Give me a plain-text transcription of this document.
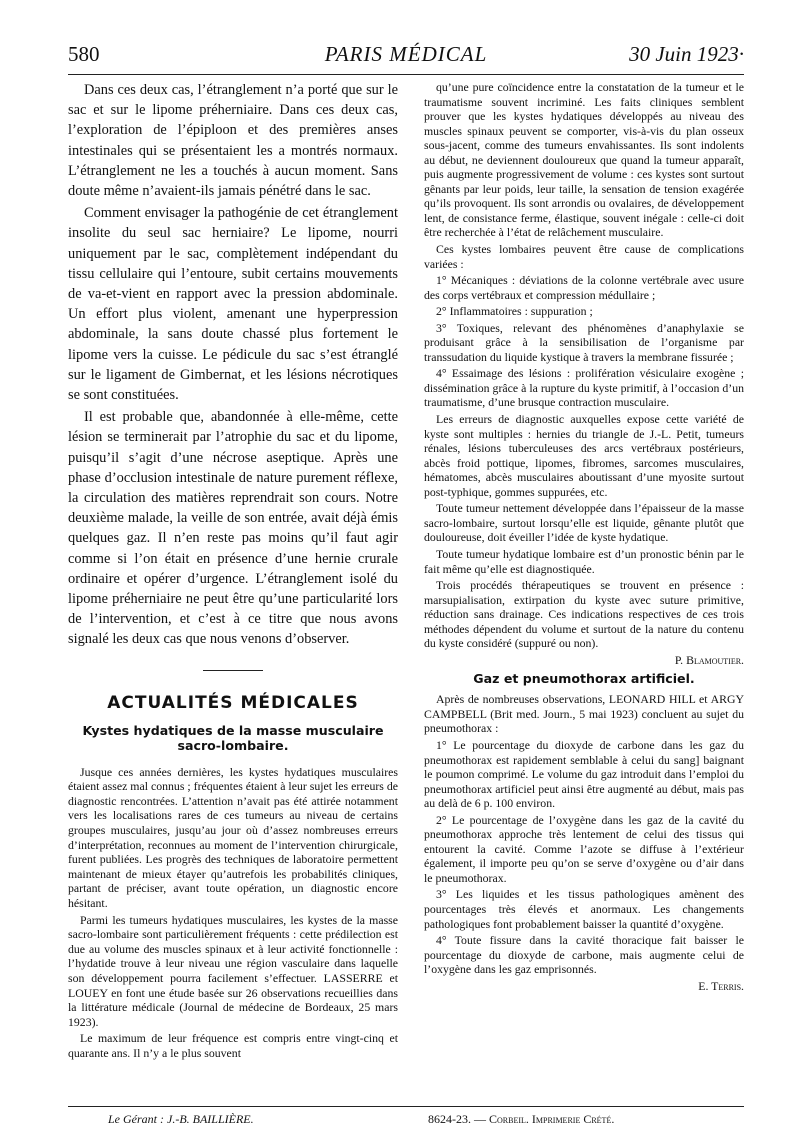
580	PARIS MÉDICAL	30 Juin 1923·

Dans ces deux cas, l’étranglement n’a porté que sur le sac et sur le lipome préherniaire. Dans ces deux cas, l’exploration de l’épiploon et des premières anses intestinales qui se présentaient les a montrés normaux. L’étranglement ne les a touchés à aucun moment. Sans doute même n’avaient-ils jamais pénétré dans le sac.

Comment envisager la pathogénie de cet étranglement insolite du seul sac herniaire? Le lipome, nourri uniquement par le sac, complètement indépendant du tissu cellulaire qui l’entoure, subit certains mouvements de va-et-vient en rapport avec la pression abdominale. Un effort plus violent, amenant une hyperpression abdominale, la sans doute chassé plus fortement le lipome vers la cuisse. Le pédicule du sac s’est étranglé sur le ligament de Gimbernat, et les lésions nécrotiques se sont constituées.

Il est probable que, abandonnée à elle-même, cette lésion se terminerait par l’atrophie du sac et du lipome, puisqu’il s’agit d’une nécrose aseptique. Après une phase d’occlusion intestinale de nature purement réflexe, la circulation des matières reprendrait son cours. Notre deuxième malade, la veille de son entrée, avait déjà émis quelques gaz. Il n’en reste pas moins qu’il faut agir comme si l’on était en présence d’une hernie crurale ordinaire et opérer d’urgence. L’étranglement isolé du lipome préherniaire ne peut être qu’une particularité lors de l’intervention, et c’est à ce titre que nous avons signalé les deux cas que nous venons d’observer.

ACTUALITÉS MÉDICALES
Kystes hydatiques de la masse musculaire sacro-lombaire.

Jusque ces années dernières, les kystes hydatiques musculaires étaient assez mal connus ; fréquentes étaient à leur sujet les erreurs de diagnostic rencontrées. L’attention n’avait pas été attirée notamment vers les localisations rares de ces tumeurs au niveau de certains groupes musculaires, jusqu’au jour où d’assez nombreuses erreurs d’interprétation, reconnues au moment de l’intervention chirurgicale, furent publiées. Les progrès des techniques de laboratoire permettent maintenant de mieux étayer qu’autrefois les probabilités cliniques, partant de préciser, avant toute opération, un diagnostic encore hésitant.

Parmi les tumeurs hydatiques musculaires, les kystes de la masse sacro-lombaire sont particulièrement fréquents : cette prédilection est due au volume des muscles spinaux et à leur activité fonctionnelle : l’hydatide trouve à leur niveau une région vasculaire dans laquelle son développement pourra facilement s’effectuer. LASSERRE et LOUEY en font une étude basée sur 26 observations recueillies dans la littérature médicale (Journal de médecine de Bordeaux, 25 mars 1923).

Le maximum de leur fréquence est compris entre vingt-cinq et quarante ans. Il n’y a le plus souvent

qu’une pure coïncidence entre la constatation de la tumeur et le traumatisme souvent incriminé. Les faits cliniques semblent prouver que les kystes hydatiques développés au niveau des muscles spinaux peuvent se comporter, vis-à-vis du plan osseux sous-jacent, comme des tumeurs envahissantes. Ils sont indolents au début, ne deviennent douloureux que quand la tumeur apparaît, puis augmente progressivement de volume : ces kystes sont surtout gênants par leur poids, leur taille, la sensation de tension exagérée qu’ils provoquent. Ils sont arrondis ou ovalaires, de développement lent, de consistance ferme, élastique, souvent inégale : celle-ci doit être recherchée à l’état de relâchement musculaire.

Ces kystes lombaires peuvent être cause de complications variées :

1° Mécaniques : déviations de la colonne vertébrale avec usure des corps vertébraux et compression médullaire ;

2° Inflammatoires : suppuration ;

3° Toxiques, relevant des phénomènes d’anaphylaxie se produisant grâce à la sensibilisation de l’organisme par transsudation du liquide kystique à travers la membrane fissurée ;

4° Essaimage des lésions : prolifération vésiculaire exogène ; dissémination grâce à la rupture du kyste primitif, à l’occasion d’un traumatisme, d’une brusque contraction musculaire.

Les erreurs de diagnostic auxquelles expose cette variété de kyste sont multiples : hernies du triangle de J.-L. Petit, tumeurs rénales, lésions tuberculeuses des arcs vertébraux postérieurs, abcès froid pottique, lipomes, fibromes, sarcomes musculaires, hématomes, abcès musculaires aboutissant d’une myosite surtout post-typhique, gommes suppurées, etc.

Toute tumeur nettement développée dans l’épaisseur de la masse sacro-lombaire, surtout lorsqu’elle est liquide, gênante plutôt que douloureuse, doit éveiller l’idée de kyste hydatique.

Toute tumeur hydatique lombaire est d’un pronostic bénin par le fait même qu’elle est diagnostiquée.

Trois procédés thérapeutiques se trouvent en présence : marsupialisation, extirpation du kyste avec suture primitive, réduction sans drainage. Ces indications respectives de ces trois méthodes dépendent du volume et surtout de la nature du contenu du kyste considéré (suppuré ou non).

P. Blamoutier.

Gaz et pneumothorax artificiel.

Après de nombreuses observations, LEONARD HILL et ARGY CAMPBELL (Brit med. Journ., 5 mai 1923) concluent au sujet du pneumothorax :

1° Le pourcentage du dioxyde de carbone dans les gaz du pneumothorax est rapidement semblable à celui du sang] baignant le poumon comprimé. Le volume du gaz introduit dans l’emploi du pneumothorax artificiel peut ainsi être augmenté au début, mais pas au delà de 6 p. 100 environ.

2° Le pourcentage de l’oxygène dans les gaz de la cavité du pneumothorax approche très lentement de celui des tissus qui entourent la cavité. Comme l’azote se diffuse à l’extérieur également, il importe peu qu’on se serve d’oxygène ou d’air dans le pneumothorax.

3° Les liquides et les tissus pathologiques amènent des pourcentages très élevés et anormaux. Les changements pathologiques font probablement baisser la quantité d’oxygène.

4° Toute fissure dans la cavité thoracique fait baisser le pourcentage du dioxyde de carbone, mais augmente celui de l’oxygène dans les gaz emprisonnés.

E. Terris.

Le Gérant : J.-B. BAILLIÈRE.	8624-23. — Corbeil. Imprimerie Crété.
